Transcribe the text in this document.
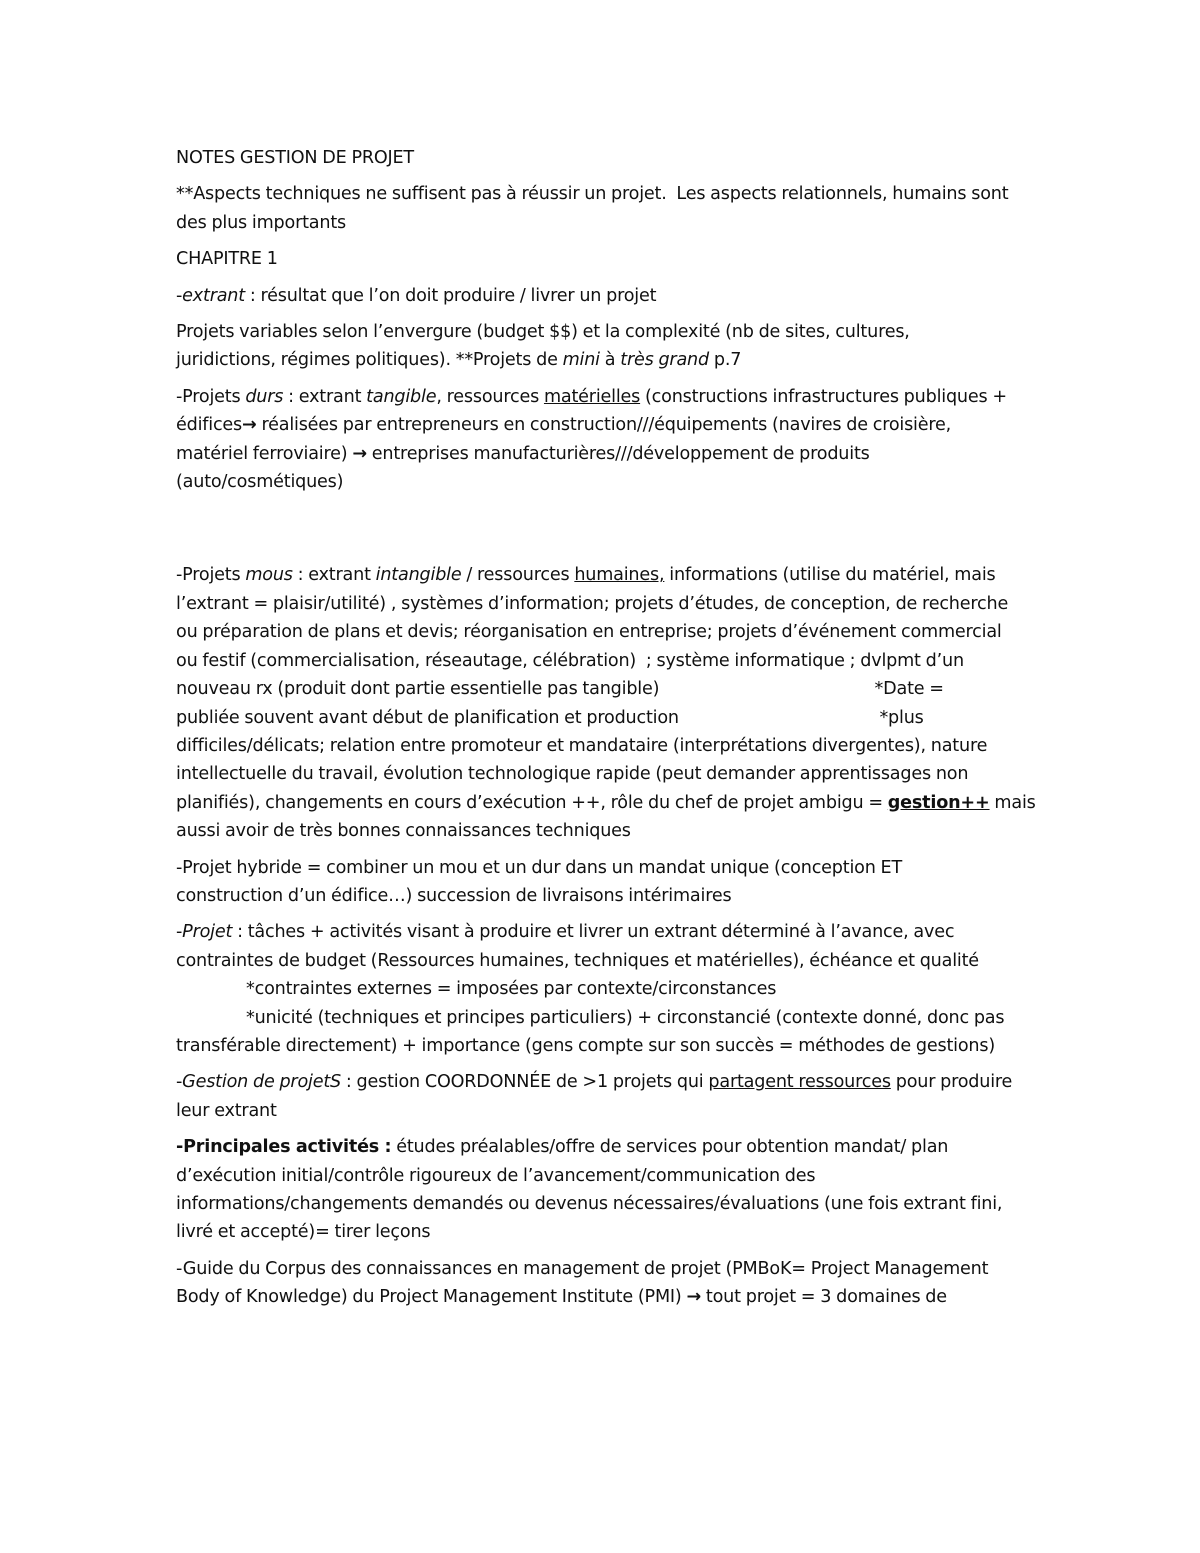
NOTES GESTION DE PROJET

**Aspects techniques ne suffisent pas à réussir un projet.  Les aspects relationnels, humains sont
des plus importants

CHAPITRE 1

-extrant : résultat que l’on doit produire / livrer un projet

Projets variables selon l’envergure (budget $$) et la complexité (nb de sites, cultures,
juridictions, régimes politiques). **Projets de mini à très grand p.7

-Projets durs : extrant tangible, ressources matérielles (constructions infrastructures publiques +
édifices→ réalisées par entrepreneurs en construction///équipements (navires de croisière,
matériel ferroviaire) → entreprises manufacturières///développement de produits
(auto/cosmétiques)

-Projets mous : extrant intangible / ressources humaines, informations (utilise du matériel, mais
l’extrant = plaisir/utilité) , systèmes d’information; projets d’études, de conception, de recherche
ou préparation de plans et devis; réorganisation en entreprise; projets d’événement commercial
ou festif (commercialisation, réseautage, célébration)  ; système informatique ; dvlpmt d’un
nouveau rx (produit dont partie essentielle pas tangible)                                            *Date =
publiée souvent avant début de planification et production                                         *plus
difficiles/délicats; relation entre promoteur et mandataire (interprétations divergentes), nature
intellectuelle du travail, évolution technologique rapide (peut demander apprentissages non
planifiés), changements en cours d’exécution ++, rôle du chef de projet ambigu = gestion++ mais
aussi avoir de très bonnes connaissances techniques

-Projet hybride = combiner un mou et un dur dans un mandat unique (conception ET
construction d’un édifice…) succession de livraisons intérimaires

-Projet : tâches + activités visant à produire et livrer un extrant déterminé à l’avance, avec
contraintes de budget (Ressources humaines, techniques et matérielles), échéance et qualité
*contraintes externes = imposées par contexte/circonstances
*unicité (techniques et principes particuliers) + circonstancié (contexte donné, donc pas
transférable directement) + importance (gens compte sur son succès = méthodes de gestions)

-Gestion de projetS : gestion COORDONNÉE de >1 projets qui partagent ressources pour produire
leur extrant

-Principales activités : études préalables/offre de services pour obtention mandat/ plan
d’exécution initial/contrôle rigoureux de l’avancement/communication des
informations/changements demandés ou devenus nécessaires/évaluations (une fois extrant fini,
livré et accepté)= tirer leçons

-Guide du Corpus des connaissances en management de projet (PMBoK= Project Management
Body of Knowledge) du Project Management Institute (PMI) → tout projet = 3 domaines de
